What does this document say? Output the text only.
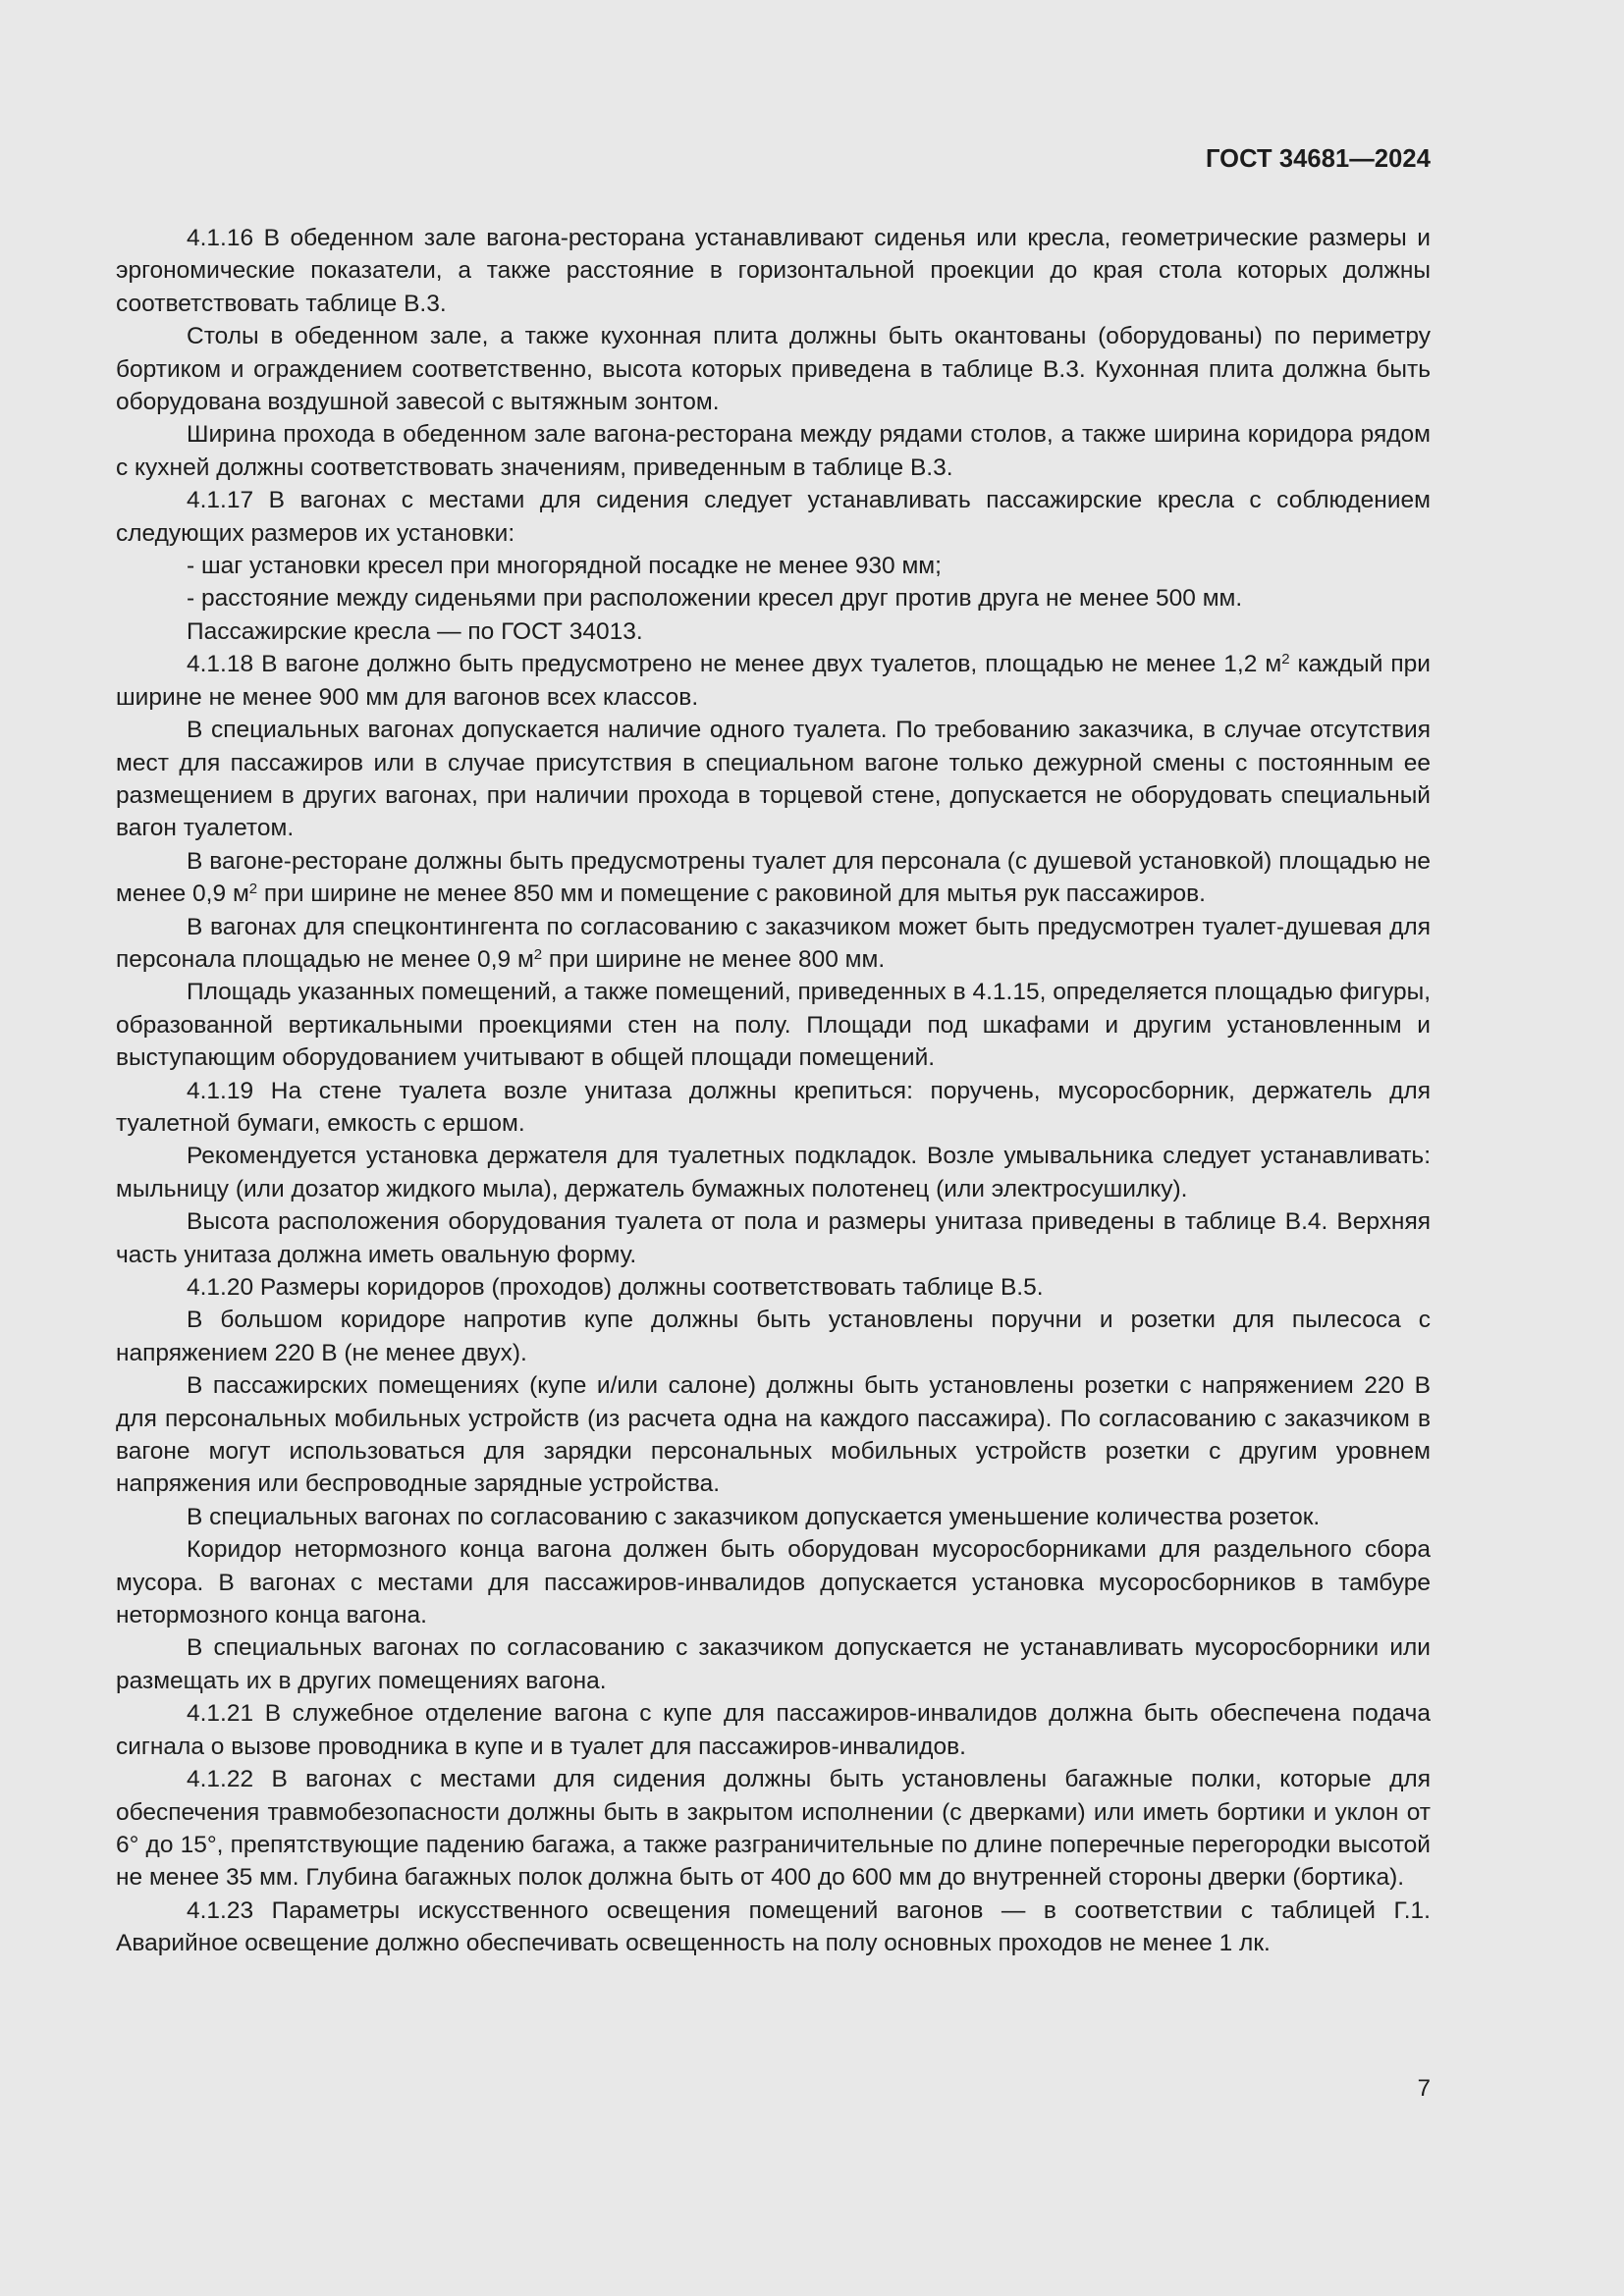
ГОСТ 34681—2024

4.1.16 В обеденном зале вагона-ресторана устанавливают сиденья или кресла, геометрические размеры и эргономические показатели, а также расстояние в горизонтальной проекции до края стола которых должны соответствовать таблице В.3.

Столы в обеденном зале, а также кухонная плита должны быть окантованы (оборудованы) по периметру бортиком и ограждением соответственно, высота которых приведена в таблице В.3. Кухонная плита должна быть оборудована воздушной завесой с вытяжным зонтом.

Ширина прохода в обеденном зале вагона-ресторана между рядами столов, а также ширина коридора рядом с кухней должны соответствовать значениям, приведенным в таблице В.3.

4.1.17 В вагонах с местами для сидения следует устанавливать пассажирские кресла с соблюдением следующих размеров их установки:

- шаг установки кресел при многорядной посадке не менее 930 мм;

- расстояние между сиденьями при расположении кресел друг против друга не менее 500 мм.

Пассажирские кресла — по ГОСТ 34013.

4.1.18 В вагоне должно быть предусмотрено не менее двух туалетов, площадью не менее 1,2 $м^2$ каждый при ширине не менее 900 мм для вагонов всех классов.

В специальных вагонах допускается наличие одного туалета. По требованию заказчика, в случае отсутствия мест для пассажиров или в случае присутствия в специальном вагоне только дежурной смены с постоянным ее размещением в других вагонах, при наличии прохода в торцевой стене, допускается не оборудовать специальный вагон туалетом.

В вагоне-ресторане должны быть предусмотрены туалет для персонала (с душевой установкой) площадью не менее 0,9 $м^2$ при ширине не менее 850 мм и помещение с раковиной для мытья рук пассажиров.

В вагонах для спецконтингента по согласованию с заказчиком может быть предусмотрен туалет-душевая для персонала площадью не менее 0,9 $м^2$ при ширине не менее 800 мм.

Площадь указанных помещений, а также помещений, приведенных в 4.1.15, определяется площадью фигуры, образованной вертикальными проекциями стен на полу. Площади под шкафами и другим установленным и выступающим оборудованием учитывают в общей площади помещений.

4.1.19 На стене туалета возле унитаза должны крепиться: поручень, мусоросборник, держатель для туалетной бумаги, емкость с ершом.

Рекомендуется установка держателя для туалетных подкладок. Возле умывальника следует устанавливать: мыльницу (или дозатор жидкого мыла), держатель бумажных полотенец (или электросушилку).

Высота расположения оборудования туалета от пола и размеры унитаза приведены в таблице В.4. Верхняя часть унитаза должна иметь овальную форму.

4.1.20 Размеры коридоров (проходов) должны соответствовать таблице В.5.

В большом коридоре напротив купе должны быть установлены поручни и розетки для пылесоса с напряжением 220 В (не менее двух).

В пассажирских помещениях (купе и/или салоне) должны быть установлены розетки с напряжением 220 В для персональных мобильных устройств (из расчета одна на каждого пассажира). По согласованию с заказчиком в вагоне могут использоваться для зарядки персональных мобильных устройств розетки с другим уровнем напряжения или беспроводные зарядные устройства.

В специальных вагонах по согласованию с заказчиком допускается уменьшение количества розеток.

Коридор нетормозного конца вагона должен быть оборудован мусоросборниками для раздельного сбора мусора. В вагонах с местами для пассажиров-инвалидов допускается установка мусоросборников в тамбуре нетормозного конца вагона.

В специальных вагонах по согласованию с заказчиком допускается не устанавливать мусоросборники или размещать их в других помещениях вагона.

4.1.21 В служебное отделение вагона с купе для пассажиров-инвалидов должна быть обеспечена подача сигнала о вызове проводника в купе и в туалет для пассажиров-инвалидов.

4.1.22 В вагонах с местами для сидения должны быть установлены багажные полки, которые для обеспечения травмобезопасности должны быть в закрытом исполнении (с дверками) или иметь бортики и уклон от 6° до 15°, препятствующие падению багажа, а также разграничительные по длине поперечные перегородки высотой не менее 35 мм. Глубина багажных полок должна быть от 400 до 600 мм до внутренней стороны дверки (бортика).

4.1.23 Параметры искусственного освещения помещений вагонов — в соответствии с таблицей Г.1. Аварийное освещение должно обеспечивать освещенность на полу основных проходов не менее 1 лк.

7
